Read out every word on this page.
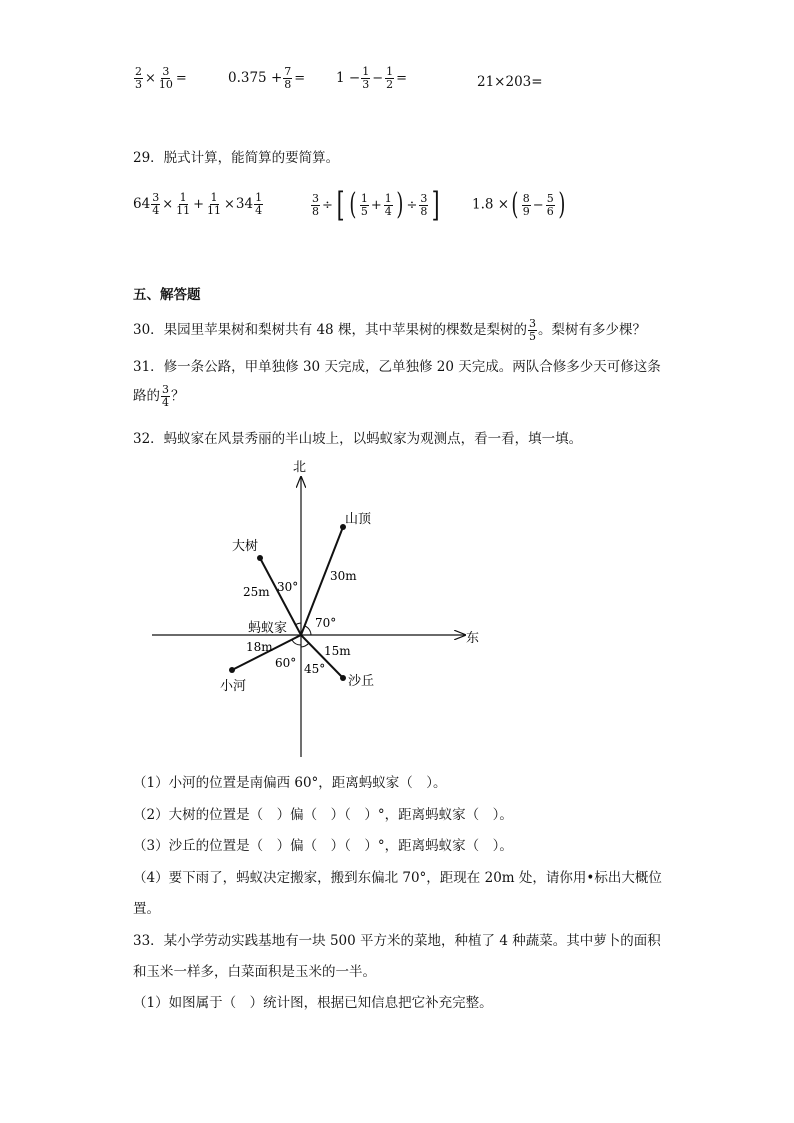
$\frac{2}{3} \times \frac{3}{10}$ =	$0.375 + \frac{7}{8} = 1 - \frac{1}{3} - \frac{1}{2}$ =	21×203=
29．脱式计算，能简算的要简算。
$64 \frac{3}{4} \times \frac{1}{11} + \frac{1}{11} \times 34 \frac{1}{4}$	$\frac{3}{8}$ ÷ [ ( $\frac{1}{5} + \frac{1}{4}$ ) ÷ $\frac{3}{8}$ ] 1.8 ×( $\frac{8}{9} - \frac{5}{6}$ )
五、解答题
30．果园里苹果树和梨树共有 48 棵，其中苹果树的棵数是梨树的 $\frac{3}{5}$ 。梨树有多少棵？
31．修一条公路，甲单独修 30 天完成，乙单独修 20 天完成。两队合修多少天可修这条
路的 $\frac{3}{4}$ ？
32．蚂蚁家在风景秀丽的半山坡上，以蚂蚁家为观测点，看一看，填一填。
北
东
蚂蚁家
山顶
30m
70°
大树
25m 30°
小河
18m
60°
沙丘
15m
45°
（1）小河的位置是南偏西 60°，距离蚂蚁家（　）。
（2）大树的位置是（　）偏（　）（　）°，距离蚂蚁家（　）。
（3）沙丘的位置是（　）偏（　）（　）°，距离蚂蚁家（　）。
（4）要下雨了，蚂蚁决定搬家，搬到东偏北 70°，距现在 20m 处，请你用•标出大概位
置。
33．某小学劳动实践基地有一块 500 平方米的菜地，种植了 4 种蔬菜。其中萝卜的面积
和玉米一样多，白菜面积是玉米的一半。
（1）如图属于（　）统计图，根据已知信息把它补充完整。
